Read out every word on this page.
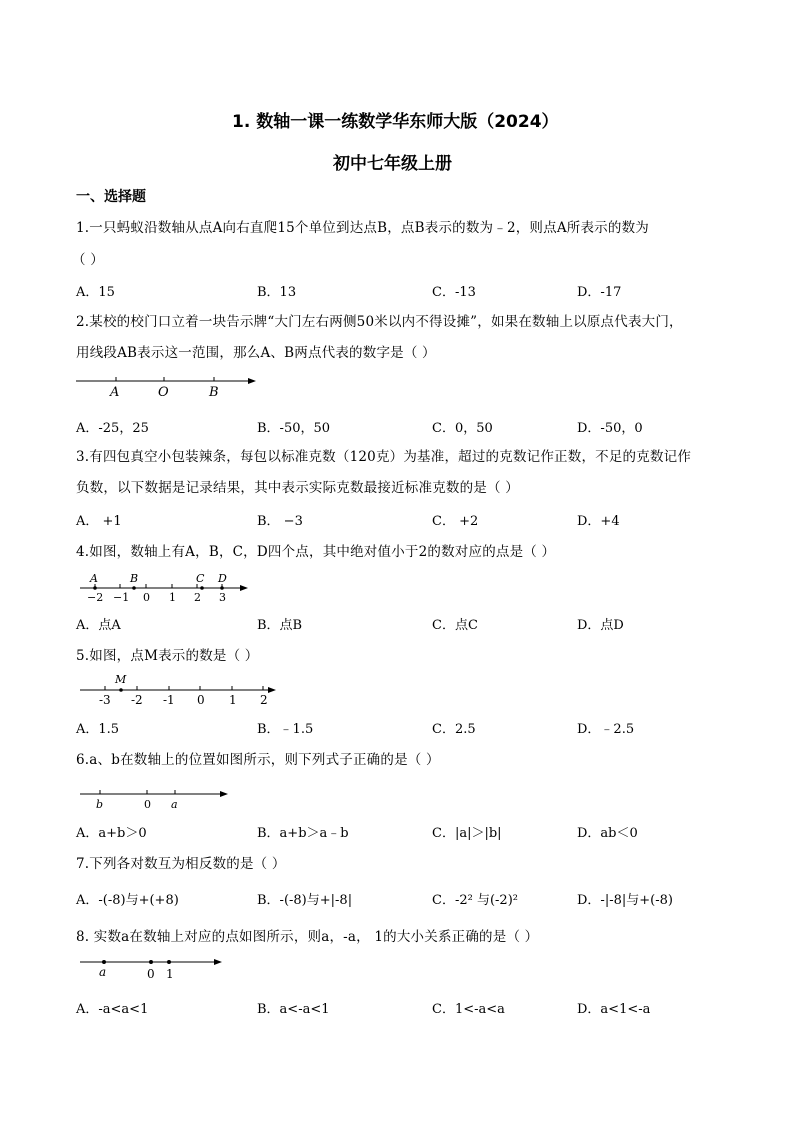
1. 数轴一课一练数学华东师大版（2024）
初中七年级上册
一、选择题
1.一只蚂蚁沿数轴从点A向右直爬15个单位到达点B，点B表示的数为﹣2，则点A所表示的数为
（ ）
A．15	B．13	C．-13	D．-17
2.某校的校门口立着一块告示牌“大门左右两侧50米以内不得设摊”，如果在数轴上以原点代表大门，
用线段AB表示这一范围，那么A、B两点代表的数字是（ ）
A	O	B
A．-25，25	B．-50，50	C．0，50	D．-50，0
3.有四包真空小包装辣条，每包以标准克数（120克）为基准，超过的克数记作正数，不足的克数记作
负数，以下数据是记录结果，其中表示实际克数最接近标准克数的是（ ）
A． +1	B． −3	C． +2	D．+4
4.如图，数轴上有A，B，C，D四个点，其中绝对值小于2的数对应的点是（ ）
A	B	C D
−2 −1 0 1 2 3
A．点A	B．点B	C．点C	D．点D
5.如图，点M表示的数是（ ）
M
-3 -2 -1 0 1 2
A．1.5	B．﹣1.5	C．2.5	D．﹣2.5
6.a、b在数轴上的位置如图所示，则下列式子正确的是（ ）
b	0 a
A．a+b＞0	B．a+b＞a﹣b	C．|a|＞|b|	D．ab＜0
7.下列各对数互为相反数的是（ ）
A．-(-8)与+(+8)	B．-(-8)与+|-8|	C．-2² 与(-2)²	D．-|-8|与+(-8)
8. 实数a在数轴上对应的点如图所示，则a，-a， 1的大小关系正确的是（ ）
a	0 1
A．-a<a<1	B．a<-a<1	C．1<-a<a	D．a<1<-a
